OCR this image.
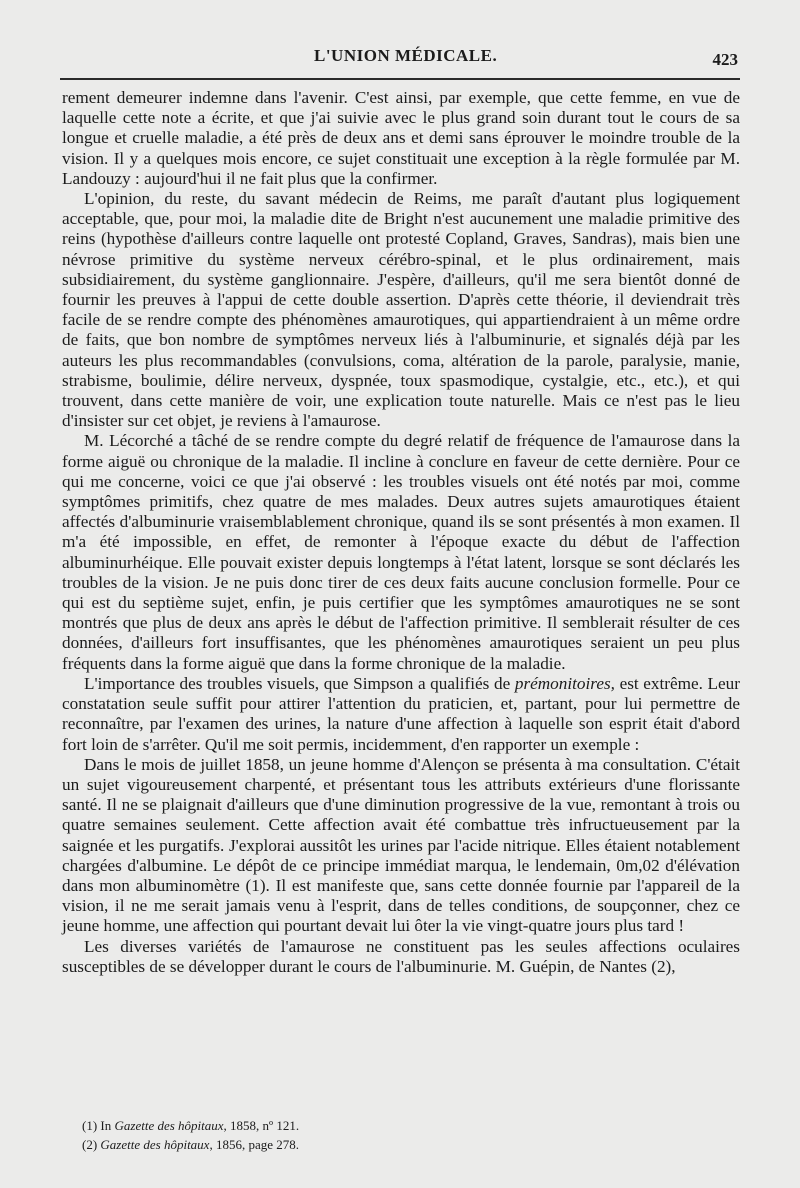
L'UNION MÉDICALE.	423

rement demeurer indemne dans l'avenir. C'est ainsi, par exemple, que cette femme, en vue de laquelle cette note a écrite, et que j'ai suivie avec le plus grand soin durant tout le cours de sa longue et cruelle maladie, a été près de deux ans et demi sans éprouver le moindre trouble de la vision. Il y a quelques mois encore, ce sujet constituait une exception à la règle formulée par M. Landouzy : aujourd'hui il ne fait plus que la confirmer.

L'opinion, du reste, du savant médecin de Reims, me paraît d'autant plus logiquement acceptable, que, pour moi, la maladie dite de Bright n'est aucunement une maladie primitive des reins (hypothèse d'ailleurs contre laquelle ont protesté Copland, Graves, Sandras), mais bien une névrose primitive du système nerveux cérébro-spinal, et le plus ordinairement, mais subsidiairement, du système ganglionnaire. J'espère, d'ailleurs, qu'il me sera bientôt donné de fournir les preuves à l'appui de cette double assertion. D'après cette théorie, il deviendrait très facile de se rendre compte des phénomènes amaurotiques, qui appartiendraient à un même ordre de faits, que bon nombre de symptômes nerveux liés à l'albuminurie, et signalés déjà par les auteurs les plus recommandables (convulsions, coma, altération de la parole, paralysie, manie, strabisme, boulimie, délire nerveux, dyspnée, toux spasmodique, cystalgie, etc., etc.), et qui trouvent, dans cette manière de voir, une explication toute naturelle. Mais ce n'est pas le lieu d'insister sur cet objet, je reviens à l'amaurose.

M. Lécorché a tâché de se rendre compte du degré relatif de fréquence de l'amaurose dans la forme aiguë ou chronique de la maladie. Il incline à conclure en faveur de cette dernière. Pour ce qui me concerne, voici ce que j'ai observé : les troubles visuels ont été notés par moi, comme symptômes primitifs, chez quatre de mes malades. Deux autres sujets amaurotiques étaient affectés d'albuminurie vraisemblablement chronique, quand ils se sont présentés à mon examen. Il m'a été impossible, en effet, de remonter à l'époque exacte du début de l'affection albuminurhéique. Elle pouvait exister depuis longtemps à l'état latent, lorsque se sont déclarés les troubles de la vision. Je ne puis donc tirer de ces deux faits aucune conclusion formelle. Pour ce qui est du septième sujet, enfin, je puis certifier que les symptômes amaurotiques ne se sont montrés que plus de deux ans après le début de l'affection primitive. Il semblerait résulter de ces données, d'ailleurs fort insuffisantes, que les phénomènes amaurotiques seraient un peu plus fréquents dans la forme aiguë que dans la forme chronique de la maladie.

L'importance des troubles visuels, que Simpson a qualifiés de prémonitoires, est extrême. Leur constatation seule suffit pour attirer l'attention du praticien, et, partant, pour lui permettre de reconnaître, par l'examen des urines, la nature d'une affection à laquelle son esprit était d'abord fort loin de s'arrêter. Qu'il me soit permis, incidemment, d'en rapporter un exemple :

Dans le mois de juillet 1858, un jeune homme d'Alençon se présenta à ma consultation. C'était un sujet vigoureusement charpenté, et présentant tous les attributs extérieurs d'une florissante santé. Il ne se plaignait d'ailleurs que d'une diminution progressive de la vue, remontant à trois ou quatre semaines seulement. Cette affection avait été combattue très infructueusement par la saignée et les purgatifs. J'explorai aussitôt les urines par l'acide nitrique. Elles étaient notablement chargées d'albumine. Le dépôt de ce principe immédiat marqua, le lendemain, 0m,02 d'élévation dans mon albuminomètre (1). Il est manifeste que, sans cette donnée fournie par l'appareil de la vision, il ne me serait jamais venu à l'esprit, dans de telles conditions, de soupçonner, chez ce jeune homme, une affection qui pourtant devait lui ôter la vie vingt-quatre jours plus tard !

Les diverses variétés de l'amaurose ne constituent pas les seules affections oculaires susceptibles de se développer durant le cours de l'albuminurie. M. Guépin, de Nantes (2),

(1) In Gazette des hôpitaux, 1858, nº 121.
(2) Gazette des hôpitaux, 1856, page 278.
